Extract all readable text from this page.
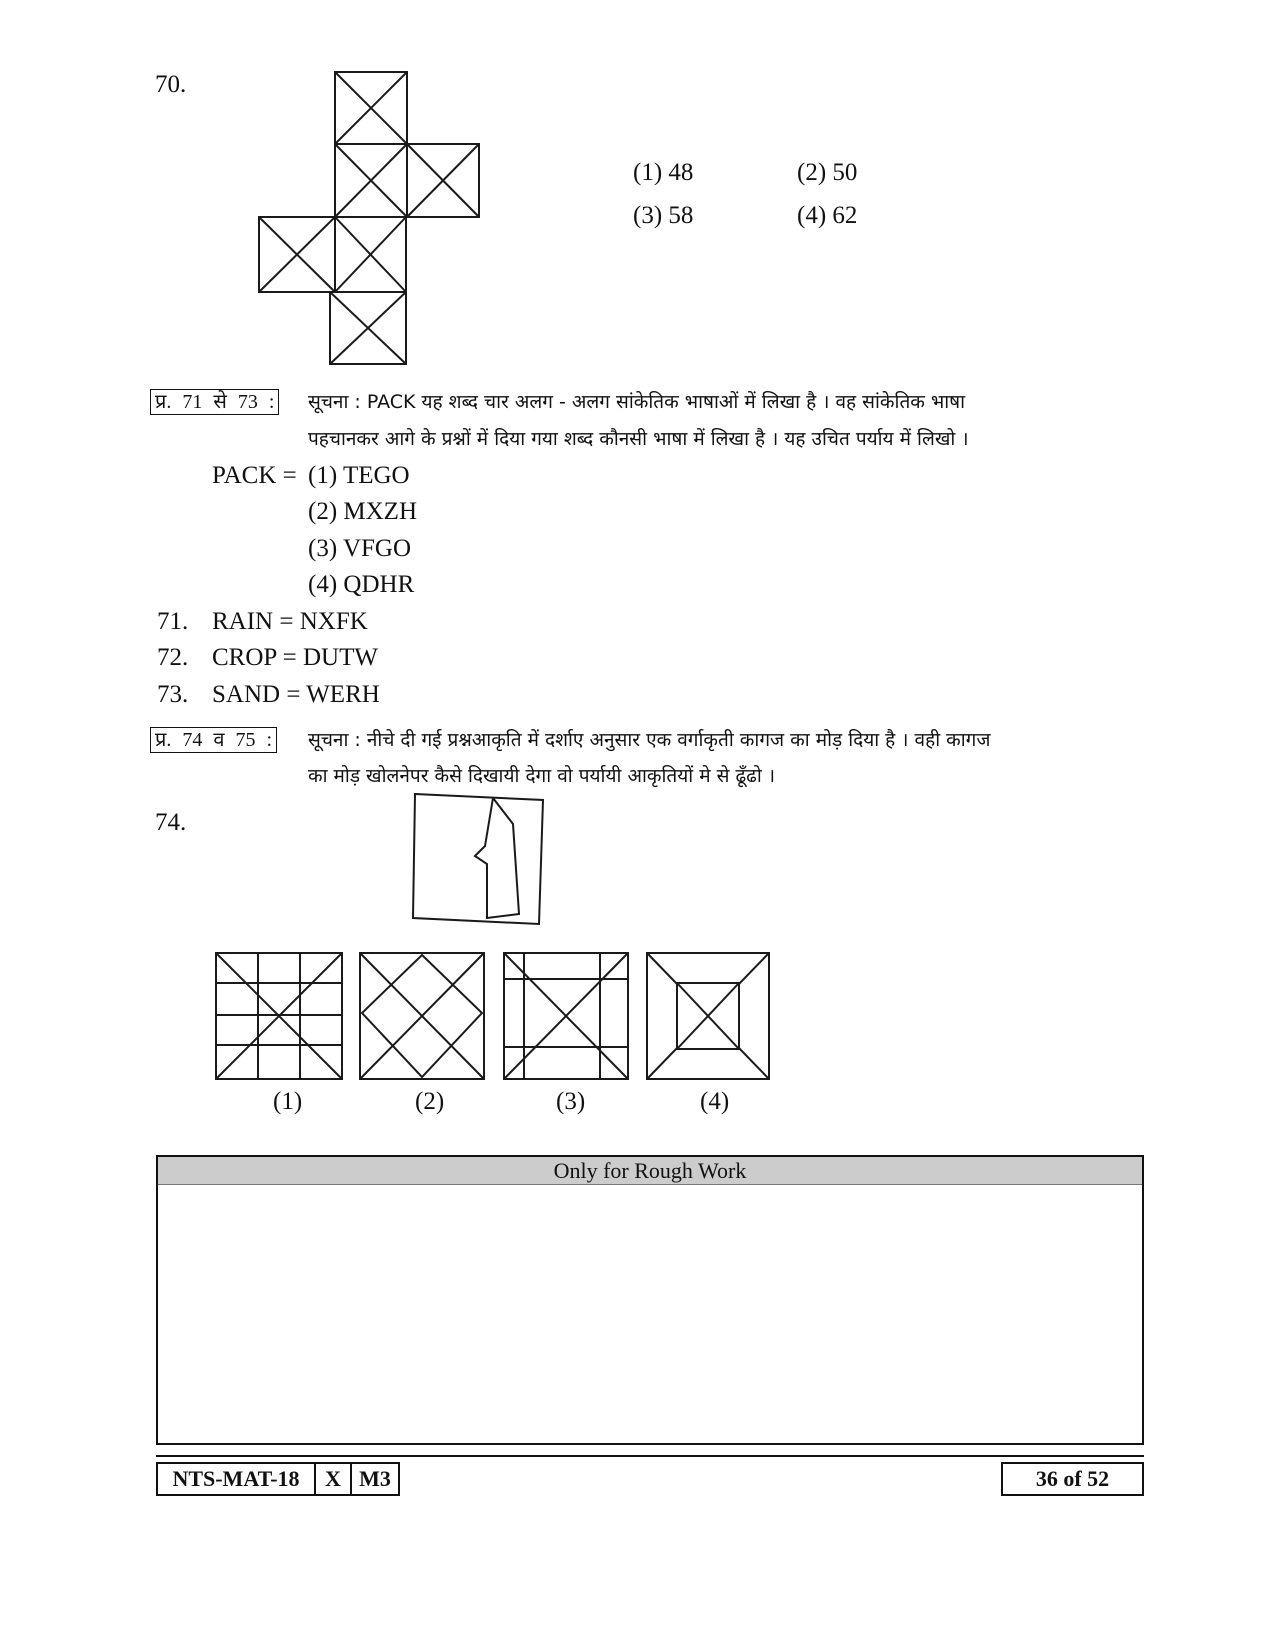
70.
(1) 48	(2) 50
(3) 58	(4) 62
प्र. 71 से 73 : सूचना : PACK यह शब्द चार अलग - अलग सांकेतिक भाषाओं में लिखा है । वह सांकेतिक भाषा
पहचानकर आगे के प्रश्नों में दिया गया शब्द कौनसी भाषा में लिखा है । यह उचित पर्याय में लिखो ।
PACK = (1) TEGO
(2) MXZH
(3) VFGO
(4) QDHR
71. RAIN = NXFK
72. CROP = DUTW
73. SAND = WERH
प्र. 74 व 75 : सूचना : नीचे दी गई प्रश्नआकृति में दर्शाए अनुसार एक वर्गाकृती कागज का मोड़ दिया है । वही कागज
का मोड़ खोलनेपर कैसे दिखायी देगा वो पर्यायी आकृतियों मे से ढूँढो ।
74.
(1)	(2)	(3)	(4)
Only for Rough Work
NTS-MAT-18	X M3	36 of 52
